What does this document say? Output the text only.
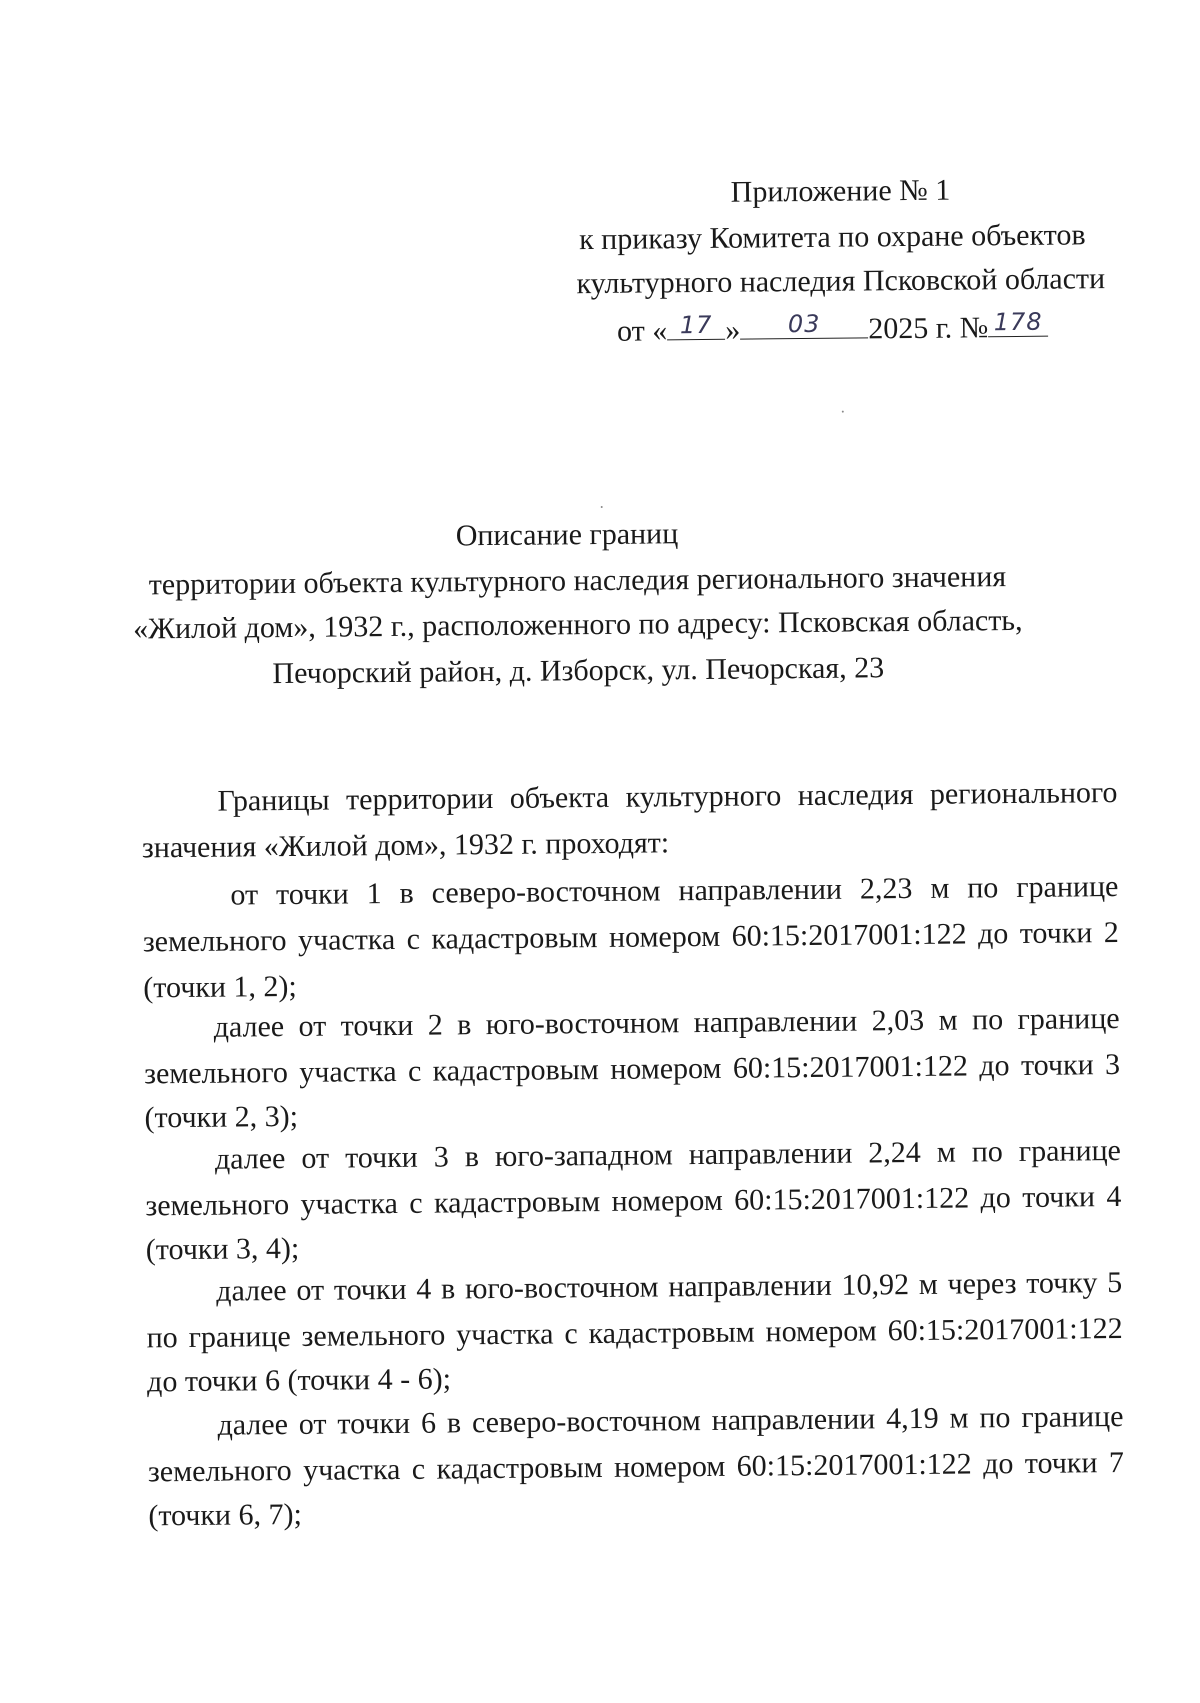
Приложение № 1
к приказу Комитета по охране объектов
культурного наследия Псковской области
от « 17 »	03	2025 г. № 178
Описание границ
территории объекта культурного наследия регионального значения
«Жилой дом», 1932 г., расположенного по адресу: Псковская область,
Печорский район, д. Изборск, ул. Печорская, 23
Границы территории объекта культурного наследия регионального
значения «Жилой дом», 1932 г. проходят:
от точки 1 в северо-восточном направлении 2,23 м по границе
земельного участка с кадастровым номером 60:15:2017001:122 до точки 2
(точки 1, 2);
далее от точки 2 в юго-восточном направлении 2,03 м по границе
земельного участка с кадастровым номером 60:15:2017001:122 до точки 3
(точки 2, 3);
далее от точки 3 в юго-западном направлении 2,24 м по границе
земельного участка с кадастровым номером 60:15:2017001:122 до точки 4
(точки 3, 4);
далее от точки 4 в юго-восточном направлении 10,92 м через точку 5
по границе земельного участка с кадастровым номером 60:15:2017001:122
до точки 6 (точки 4 - 6);
далее от точки 6 в северо-восточном направлении 4,19 м по границе
земельного участка с кадастровым номером 60:15:2017001:122 до точки 7
(точки 6, 7);
